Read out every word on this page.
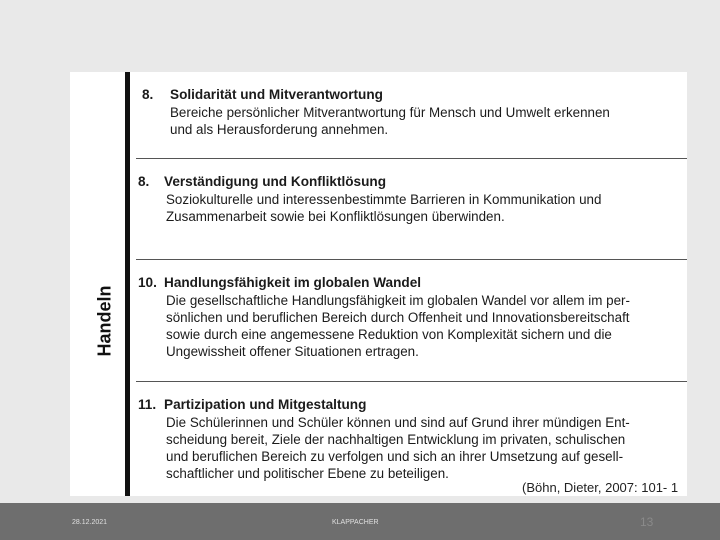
Handeln
8.	Solidarität und Mitverantwortung
Bereiche persönlicher Mitverantwortung für Mensch und Umwelt erkennen
und als Herausforderung annehmen.
8.	Verständigung und Konfliktlösung
Soziokulturelle und interessenbestimmte Barrieren in Kommunikation und
Zusammenarbeit sowie bei Konfliktlösungen überwinden.
10. Handlungsfähigkeit im globalen Wandel
Die gesellschaftliche Handlungsfähigkeit im globalen Wandel vor allem im per-
sönlichen und beruflichen Bereich durch Offenheit und Innovationsbereitschaft
sowie durch eine angemessene Reduktion von Komplexität sichern und die
Ungewissheit offener Situationen ertragen.
11. Partizipation und Mitgestaltung
Die Schülerinnen und Schüler können und sind auf Grund ihrer mündigen Ent-
scheidung bereit, Ziele der nachhaltigen Entwicklung im privaten, schulischen
und beruflichen Bereich zu verfolgen und sich an ihrer Umsetzung auf gesell-
schaftlicher und politischer Ebene zu beteiligen.
(Böhn, Dieter, 2007: 101- 1
28.12.2021	KLAPPACHER	13
